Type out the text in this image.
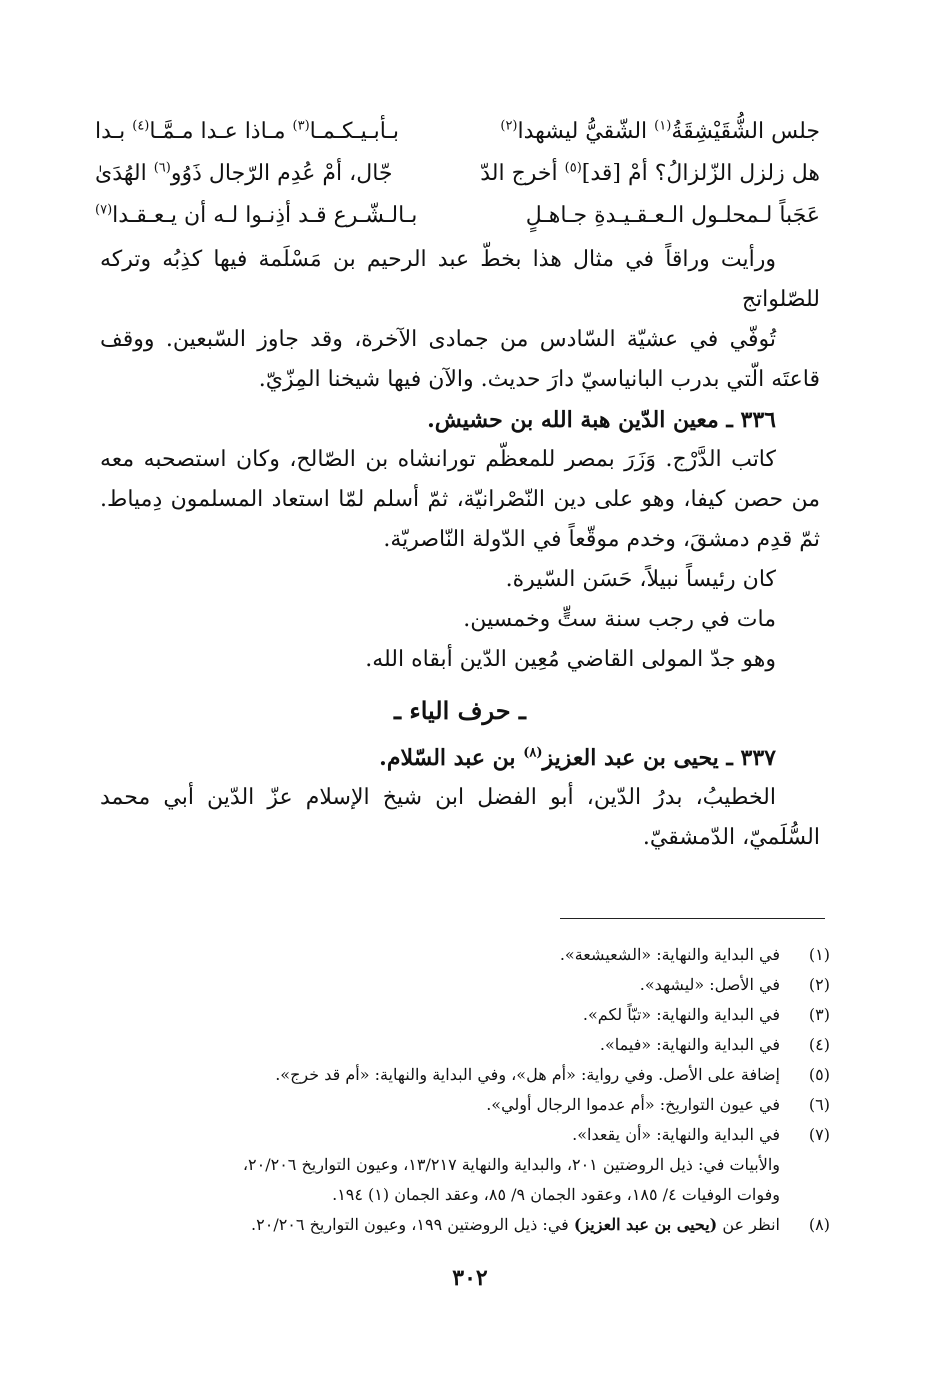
جلس الشُّقَيْشِقَةُ$^{(١)}$ الشّقيُّ ليشهدا$^{(٢)}$
بـأبـيـكـمـا$^{(٣)}$ مـاذا عـدا مـمَّـا$^{(٤)}$ بـدا
هل زلزل الزّلزالُ؟ أمْ [قد]$^{(٥)}$ أخرج الدّ
جّال، أمْ عُدِم الرّجال ذَوُو$^{(٦)}$ الهُدَىٰ
عَجَباً لـمحلـول الـعـقـيـدةِ جـاهـلٍ
بـالـشّـرع قـد أذِنـوا لـه أن يـعـقـدا$^{(٧)}$

ورأيت وراقاً في مثال هذا بخطّ عبد الرحيم بن مَسْلَمة فيها كذِبُه وتركه للصّلواتج

تُوفّي في عشيّة السّادس من جمادى الآخرة، وقد جاوز السّبعين. ووقف قاعتَه الّتي بدرب البانياسيّ دارَ حديث. والآن فيها شيخنا المِزّيّ.

٣٣٦ ـ معين الدّين هبة الله بن حشيش.

كاتب الدَّرْج. وَزَرَ بمصر للمعظّم تورانشاه بن الصّالح، وكان استصحبه معه من حصن كيفا، وهو على دين النّصْرانيّة، ثمّ أسلم لمّا استعاد المسلمون دِمياط. ثمّ قدِم دمشقَ، وخدم موقّعاً في الدّولة النّاصريّة.

كان رئيساً نبيلاً، حَسَن السّيرة.

مات في رجب سنة ستٍّ وخمسين.

وهو جدّ المولى القاضي مُعِين الدّين أبقاه الله.

ـ حرف الياء ـ

٣٣٧ ـ يحيى بن عبد العزيز$^{(٨)}$ بن عبد السّلام.

الخطيبُ، بدرُ الدّين، أبو الفضل ابن شيخ الإسلام عزّ الدّين أبي محمد السُّلَميّ، الدّمشقيّ.

(١)
في البداية والنهاية: «الشعيشعة».
(٢)
في الأصل: «ليشهد».
(٣)
في البداية والنهاية: «تبّاً لكم».
(٤)
في البداية والنهاية: «فيما».
(٥)
إضافة على الأصل. وفي رواية: «أم هل»، وفي البداية والنهاية: «أم قد خرج».
(٦)
في عيون التواريخ: «أم عدموا الرجال أولي».
(٧)
في البداية والنهاية: «أن يقعدا».

والأبيات في: ذيل الروضتين ٢٠١، والبداية والنهاية ١٣/٢١٧، وعيون التواريخ ٢٠/٢٠٦،

وفوات الوفيات ٤/ ١٨٥، وعقود الجمان ٩/ ٨٥، وعقد الجمان (١) ١٩٤.

(٨)
انظر عن (يحيى بن عبد العزيز) في: ذيل الروضتين ١٩٩، وعيون التواريخ ٢٠/٢٠٦.
٣٠٢
